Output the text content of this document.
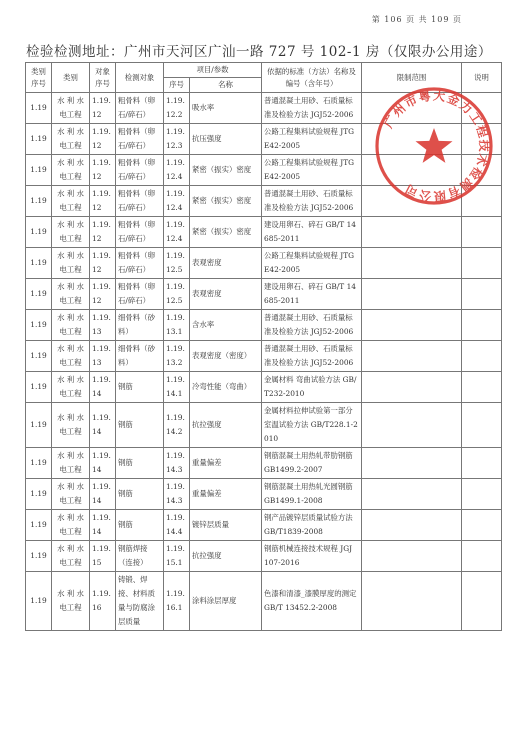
第 106 页 共 109 页
检验检测地址：广州市天河区广汕一路 727 号 102-1 房（仅限办公用途）
类别序号	类别	对象序号	检测对象	项目/参数		依据的标准（方法）名称及编号（含年号）	限制范围	说明
				序号	名称			
1.19	水 利 水 电工程	1.19.12	粗骨料（卵石/碎石）	1.19.12.2	吸水率	普通混凝土用砂、石质量标准及检验方法 JGJ52-2006		
1.19	水 利 水 电工程	1.19.12	粗骨料（卵石/碎石）	1.19.12.3	抗压强度	公路工程集料试验规程 JTG E42-2005		
1.19	水 利 水 电工程	1.19.12	粗骨料（卵石/碎石）	1.19.12.4	紧密（振实）密度	公路工程集料试验规程 JTG E42-2005		
1.19	水 利 水 电工程	1.19.12	粗骨料（卵石/碎石）	1.19.12.4	紧密（振实）密度	普通混凝土用砂、石质量标准及检验方法 JGJ52-2006		
1.19	水 利 水 电工程	1.19.12	粗骨料（卵石/碎石）	1.19.12.4	紧密（振实）密度	建设用卵石、碎石 GB/T 14685-2011		
1.19	水 利 水 电工程	1.19.12	粗骨料（卵石/碎石）	1.19.12.5	表观密度	公路工程集料试验规程 JTG E42-2005		
1.19	水 利 水 电工程	1.19.12	粗骨料（卵石/碎石）	1.19.12.5	表观密度	建设用卵石、碎石 GB/T 14685-2011		
1.19	水 利 水 电工程	1.19.13	细骨料（砂料）	1.19.13.1	含水率	普通混凝土用砂、石质量标准及检验方法 JGJ52-2006		
1.19	水 利 水 电工程	1.19.13	细骨料（砂料）	1.19.13.2	表观密度（密度）	普通混凝土用砂、石质量标准及检验方法 JGJ52-2006		
1.19	水 利 水 电工程	1.19.14	钢筋	1.19.14.1	冷弯性能（弯曲）	金属材料 弯曲试验方法 GB/T232-2010		
1.19	水 利 水 电工程	1.19.14	钢筋	1.19.14.2	抗拉强度	金属材料拉伸试验第一部分室温试验方法 GB/T228.1-2010		
1.19	水 利 水 电工程	1.19.14	钢筋	1.19.14.3	重量偏差	钢筋混凝土用热轧带肋钢筋 GB1499.2-2007		
1.19	水 利 水 电工程	1.19.14	钢筋	1.19.14.3	重量偏差	钢筋混凝土用热轧光圆钢筋 GB1499.1-2008		
1.19	水 利 水 电工程	1.19.14	钢筋	1.19.14.4	镀锌层质量	钢产品镀锌层质量试验方法 GB/T1839-2008		
1.19	水 利 水 电工程	1.19.15	钢筋焊接（连接）	1.19.15.1	抗拉强度	钢筋机械连接技术规程 JGJ 107-2016		
1.19	水 利 水 电工程	1.19.16	铸锻、焊接、材料质量与防腐涂层质量	1.19.16.1	涂料涂层厚度	色漆和清漆_漆膜厚度的测定 GB/T 13452.2-2008		
广州市粤大金力工程技术检测有限公司
